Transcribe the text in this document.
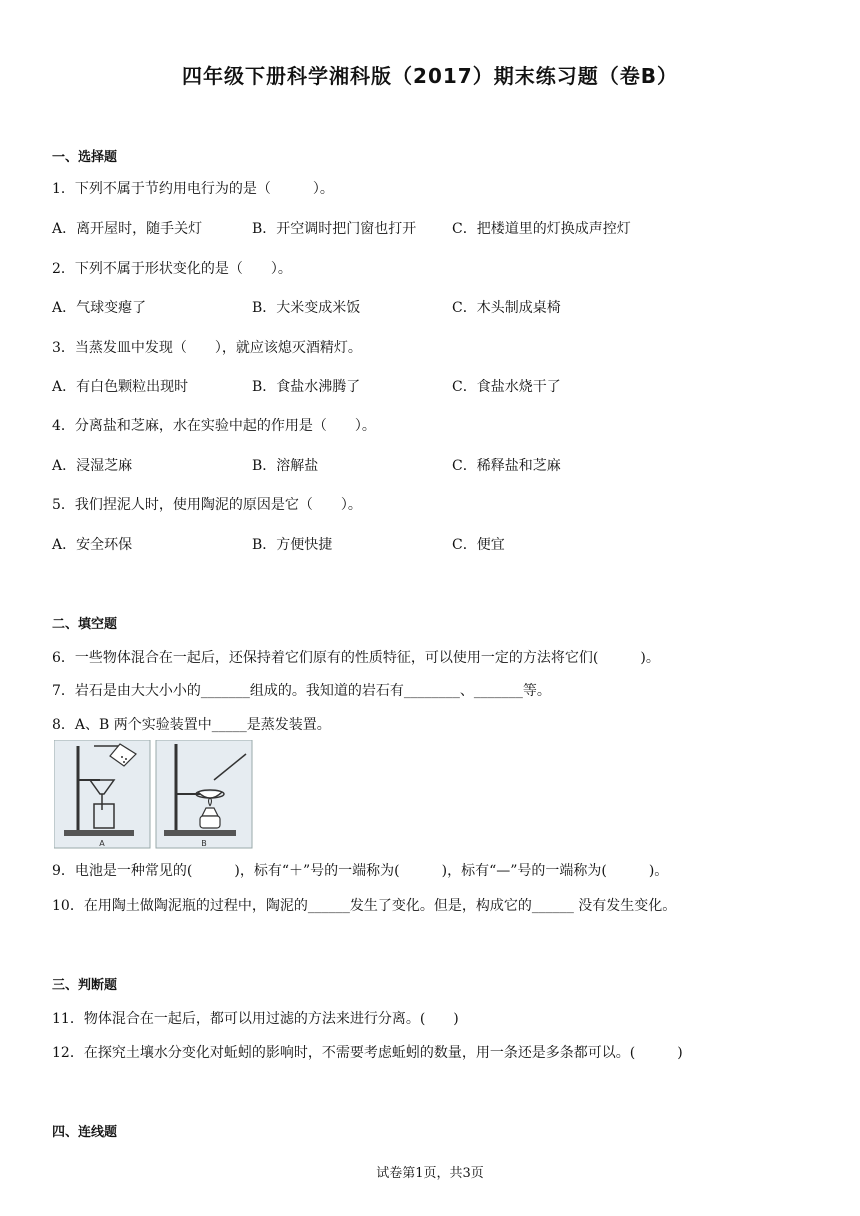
四年级下册科学湘科版（2017）期末练习题（卷B）
一、选择题
1．下列不属于节约用电行为的是（　　　）。
A．离开屋时，随手关灯	B．开空调时把门窗也打开	C．把楼道里的灯换成声控灯
2．下列不属于形状变化的是（　　）。
A．气球变瘪了	B．大米变成米饭	C．木头制成桌椅
3．当蒸发皿中发现（　　），就应该熄灭酒精灯。
A．有白色颗粒出现时	B．食盐水沸腾了	C．食盐水烧干了
4．分离盐和芝麻，水在实验中起的作用是（　　）。
A．浸湿芝麻	B．溶解盐	C．稀释盐和芝麻
5．我们捏泥人时，使用陶泥的原因是它（　　）。
A．安全环保	B．方便快捷	C．便宜
二、填空题
6．一些物体混合在一起后，还保持着它们原有的性质特征，可以使用一定的方法将它们(　　　)。
7．岩石是由大大小小的_______组成的。我知道的岩石有________、_______等。
8．A、B 两个实验装置中_____是蒸发装置。
A	B
9．电池是一种常见的(　　　)，标有“＋”号的一端称为(　　　)，标有“—”号的一端称为(　　　)。
10．在用陶土做陶泥瓶的过程中，陶泥的______发生了变化。但是，构成它的______ 没有发生变化。
三、判断题
11．物体混合在一起后，都可以用过滤的方法来进行分离。(　　)
12．在探究土壤水分变化对蚯蚓的影响时，不需要考虑蚯蚓的数量，用一条还是多条都可以。(　　　)
四、连线题
试卷第1页，共3页
